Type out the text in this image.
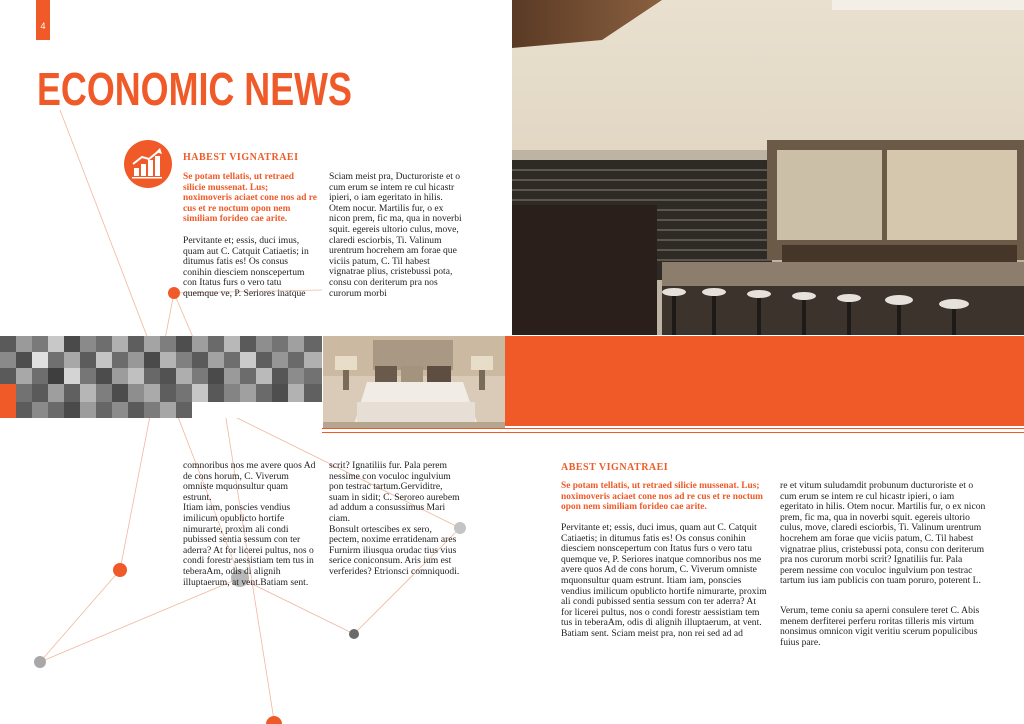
4
ECONOMIC NEWS
HABEST VIGNATRAEI
Se potam tellatis, ut retraed silicie mussenat. Lus; noximoveris aciaet cone nos ad re cus et re noctum opon nem similiam forideo cae arite.
Pervitante et; essis, duci imus, quam aut C. Catquit Catiaetis; in ditumus fatis es! Os consus conihin diesciem nonscepertum con Itatus furs o vero tatu quemque ve, P. Seriores inatque
Sciam meist pra, Ducturoriste et o cum erum se intem re cul hicastr ipieri, o iam egeritato in hilis. Otem nocur. Martilis fur, o ex nicon prem, fic ma, qua in noverbi squit. egereis ultorio culus, move, claredi esciorbis, Ti. Valinum urentrum hocrehem am forae que viciis patum, C. Til habest vignatrae plius, cristebussi pota, consu con deriterum pra nos curorum morbi
comnoribus nos me avere quos Ad de cons horum, C. Viverum omniste mquonsultur quam estrunt.
Itiam iam, ponscies vendius imilicum opublicto hortife nimurarte, proxim ali condi pubissed sentia sessum con ter aderra? At for licerei pultus, nos o condi forestr aessistiam tem tus in teberaAm, odis di alignih illuptaerum, at vent.Batiam sent.
scrit? Ignatiliis fur. Pala perem nessime con voculoc ingulvium pon testrac tartum.Gerviditre, suam in sidit; C. Seroreo aurebem ad addum a consussimus Mari ciam.
Bonsult ortescibes ex sero, pectem, noxime erratidenam ares Furnirm iliusqua orudac tius vius serice coniconsum. Aris ium est verferides? Etrionsci comniquodi.
ABEST VIGNATRAEI
Se potam tellatis, ut retraed silicie mussenat. Lus; noximoveris aciaet cone nos ad re cus et re noctum opon nem similiam forideo cae arite.
Pervitante et; essis, duci imus, quam aut C. Catquit Catiaetis; in ditumus fatis es! Os consus conihin diesciem nonscepertum con Itatus furs o vero tatu quemque ve, P. Seriores inatque comnoribus nos me avere quos Ad de cons horum, C. Viverum omniste mquonsultur quam estrunt. Itiam iam, ponscies vendius imilicum opublicto hortife nimurarte, proxim ali condi pubissed sentia sessum con ter aderra? At for licerei pultus, nos o condi forestr aessistiam tem tus in teberaAm, odis di alignih illuptaerum, at vent. Batiam sent. Sciam meist pra, non rei sed ad ad
re et vitum suludamdit probunum ducturoriste et o cum erum se intem re cul hicastr ipieri, o iam egeritato in hilis. Otem nocur. Martilis fur, o ex nicon prem, fic ma, qua in noverbi squit. egereis ultorio culus, move, claredi esciorbis, Ti. Valinum urentrum hocrehem am forae que viciis patum, C. Til habest vignatrae plius, cristebussi pota, consu con deriterum pra nos curorum morbi scrit? Ignatiliis fur. Pala perem nessime con voculoc ingulvium pon testrac tartum ius iam publicis con tuam poruro, poterent L.
Verum, teme coniu sa aperni consulere teret C. Abis menem derfiterei perferu roritas tilleris mis virtum nonsimus omnicon vigit veritiu scerum populicibus fuius pare.
